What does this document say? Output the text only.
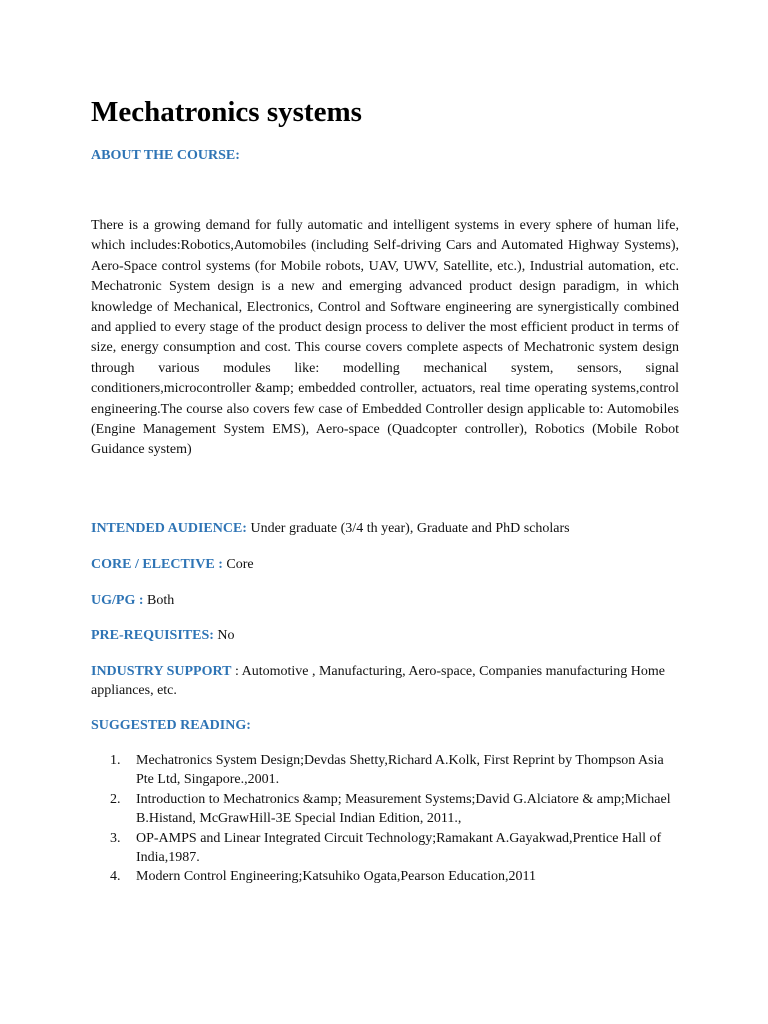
Mechatronics systems
ABOUT THE COURSE:

There is a growing demand for fully automatic and intelligent systems in every sphere of human life, which includes:Robotics,Automobiles (including Self-driving Cars and Automated Highway Systems), Aero-Space control systems (for Mobile robots, UAV, UWV, Satellite, etc.), Industrial automation, etc. Mechatronic System design is a new and emerging advanced product design paradigm, in which knowledge of Mechanical, Electronics, Control and Software engineering are synergistically combined and applied to every stage of the product design process to deliver the most efficient product in terms of size, energy consumption and cost. This course covers complete aspects of Mechatronic system design through various modules like: modelling mechanical system, sensors, signal conditioners,microcontroller &amp; embedded controller, actuators, real time operating systems,control engineering.The course also covers few case of Embedded Controller design applicable to: Automobiles (Engine Management System EMS), Aero-space (Quadcopter controller), Robotics (Mobile Robot Guidance system)

INTENDED AUDIENCE: Under graduate (3/4 th year), Graduate and PhD scholars

CORE / ELECTIVE : Core

UG/PG : Both

PRE-REQUISITES: No

INDUSTRY SUPPORT : Automotive , Manufacturing, Aero-space, Companies manufacturing Home appliances, etc.

SUGGESTED READING:
1. Mechatronics System Design;Devdas Shetty,Richard A.Kolk, First Reprint by Thompson Asia Pte Ltd, Singapore.,2001.
2. Introduction to Mechatronics &amp; Measurement Systems;David G.Alciatore & amp;Michael B.Histand, McGrawHill-3E Special Indian Edition, 2011.,
3. OP-AMPS and Linear Integrated Circuit Technology;Ramakant A.Gayakwad,Prentice Hall of India,1987.
4. Modern Control Engineering;Katsuhiko Ogata,Pearson Education,2011
